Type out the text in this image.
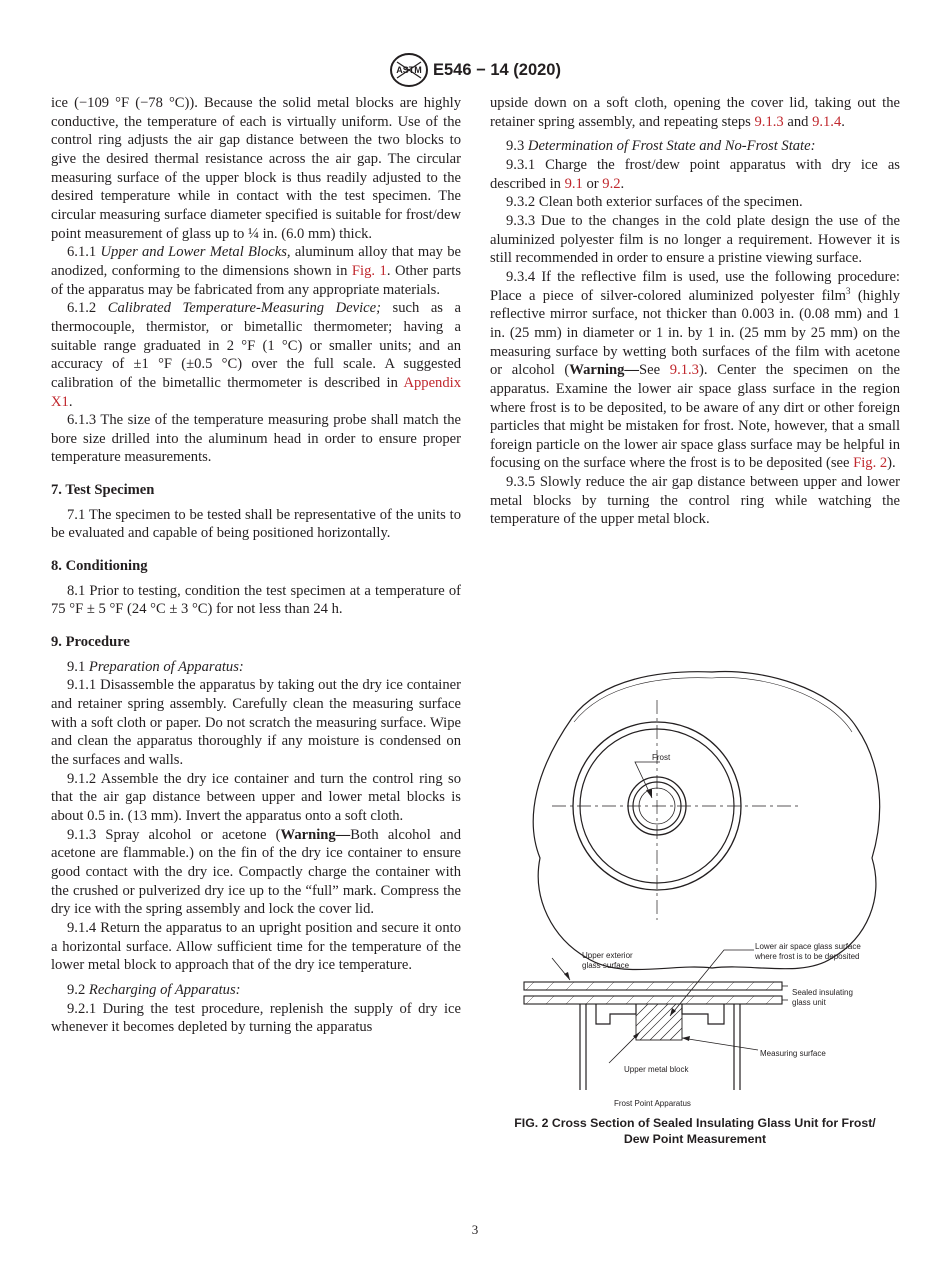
ASTM E546 − 14 (2020)

ice (−109 °F (−78 °C)). Because the solid metal blocks are highly conductive, the temperature of each is virtually uniform. Use of the control ring adjusts the air gap distance between the two blocks to give the desired thermal resistance across the air gap. The circular measuring surface of the upper block is thus readily adjusted to the desired temperature while in contact with the test specimen. The circular measuring surface diameter specified is suitable for frost/dew point measurement of glass up to ¼ in. (6.0 mm) thick.

6.1.1 Upper and Lower Metal Blocks, aluminum alloy that may be anodized, conforming to the dimensions shown in Fig. 1. Other parts of the apparatus may be fabricated from any appropriate materials.

6.1.2 Calibrated Temperature-Measuring Device; such as a thermocouple, thermistor, or bimetallic thermometer; having a suitable range graduated in 2 °F (1 °C) or smaller units; and an accuracy of ±1 °F (±0.5 °C) over the full scale. A suggested calibration of the bimetallic thermometer is described in Appendix X1.

6.1.3 The size of the temperature measuring probe shall match the bore size drilled into the aluminum head in order to ensure proper temperature measurements.

7. Test Specimen

7.1 The specimen to be tested shall be representative of the units to be evaluated and capable of being positioned horizontally.

8. Conditioning

8.1 Prior to testing, condition the test specimen at a temperature of 75 °F ± 5 °F (24 °C ± 3 °C) for not less than 24 h.

9. Procedure

9.1 Preparation of Apparatus:

9.1.1 Disassemble the apparatus by taking out the dry ice container and retainer spring assembly. Carefully clean the measuring surface with a soft cloth or paper. Do not scratch the measuring surface. Wipe and clean the apparatus thoroughly if any moisture is condensed on the surfaces and walls.

9.1.2 Assemble the dry ice container and turn the control ring so that the air gap distance between upper and lower metal blocks is about 0.5 in. (13 mm). Invert the apparatus onto a soft cloth.

9.1.3 Spray alcohol or acetone (Warning—Both alcohol and acetone are flammable.) on the fin of the dry ice container to ensure good contact with the dry ice. Compactly charge the container with the crushed or pulverized dry ice up to the “full” mark. Compress the dry ice with the spring assembly and lock the cover lid.

9.1.4 Return the apparatus to an upright position and secure it onto a horizontal surface. Allow sufficient time for the temperature of the lower metal block to approach that of the dry ice temperature.

9.2 Recharging of Apparatus:

9.2.1 During the test procedure, replenish the supply of dry ice whenever it becomes depleted by turning the apparatus

upside down on a soft cloth, opening the cover lid, taking out the retainer spring assembly, and repeating steps 9.1.3 and 9.1.4.

9.3 Determination of Frost State and No-Frost State:

9.3.1 Charge the frost/dew point apparatus with dry ice as described in 9.1 or 9.2.

9.3.2 Clean both exterior surfaces of the specimen.

9.3.3 Due to the changes in the cold plate design the use of the aluminized polyester film is no longer a requirement. However it is still recommended in order to ensure a pristine viewing surface.

9.3.4 If the reflective film is used, use the following procedure: Place a piece of silver-colored aluminized polyester film$^3$ (highly reflective mirror surface, not thicker than 0.003 in. (0.08 mm) and 1 in. (25 mm) in diameter or 1 in. by 1 in. (25 mm by 25 mm) on the measuring surface by wetting both surfaces of the film with acetone or alcohol (Warning—See 9.1.3). Center the specimen on the apparatus. Examine the lower air space glass surface in the region where frost is to be deposited, to be aware of any dirt or other foreign particles that might be mistaken for frost. Note, however, that a small foreign particle on the lower air space glass surface may be helpful in focusing on the surface where the frost is to be deposited (see Fig. 2).

9.3.5 Slowly reduce the air gap distance between upper and lower metal blocks by turning the control ring while watching the temperature of the upper metal block.

Frost
Upper exterior
glass surface
Lower air space glass surface
where frost is to be deposited
Sealed insulating
glass unit
Measuring surface
Upper metal block
Frost Point Apparatus
FIG. 2 Cross Section of Sealed Insulating Glass Unit for Frost/
Dew Point Measurement
3
